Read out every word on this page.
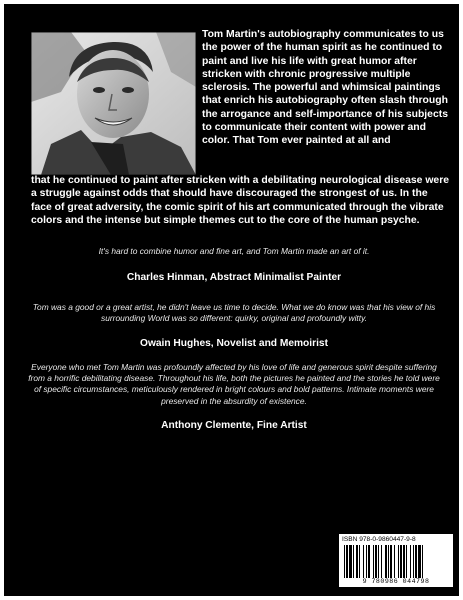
Tom Martin's autobiography communicates to us the power of the human spirit as he continued to paint and live his life with great humor after stricken with chronic progressive multiple sclerosis. The powerful and whimsical paintings that enrich his autobiography often slash through the arrogance and self-importance of his subjects to communicate their content with power and color. That Tom ever painted at all and

that he continued to paint after stricken with a debilitating neurological disease were a struggle against odds that should have discouraged the strongest of us. In the face of great adversity, the comic spirit of his art communicated through the vibrate colors and the intense but simple themes cut to the core of the human psyche.

It's hard to combine humor and fine art, and Tom Martin made an art of it.

Charles Hinman, Abstract Minimalist Painter

Tom was a good or a great artist, he didn't leave us time to decide. What we do know was that his view of his surrounding World was so different: quirky, original and profoundly witty.

Owain Hughes, Novelist and Memoirist

Everyone who met Tom Martin was profoundly affected by his love of life and generous spirit despite suffering from a horrific debilitating disease. Throughout his life, both the pictures he painted and the stories he told were of specific circumstances, meticulously rendered in bright colours and bold patterns. Intimate moments were preserved in the absurdity of existence.

Anthony Clemente, Fine Artist

ISBN 978-0-9860447-9-8
9 780986 044798
